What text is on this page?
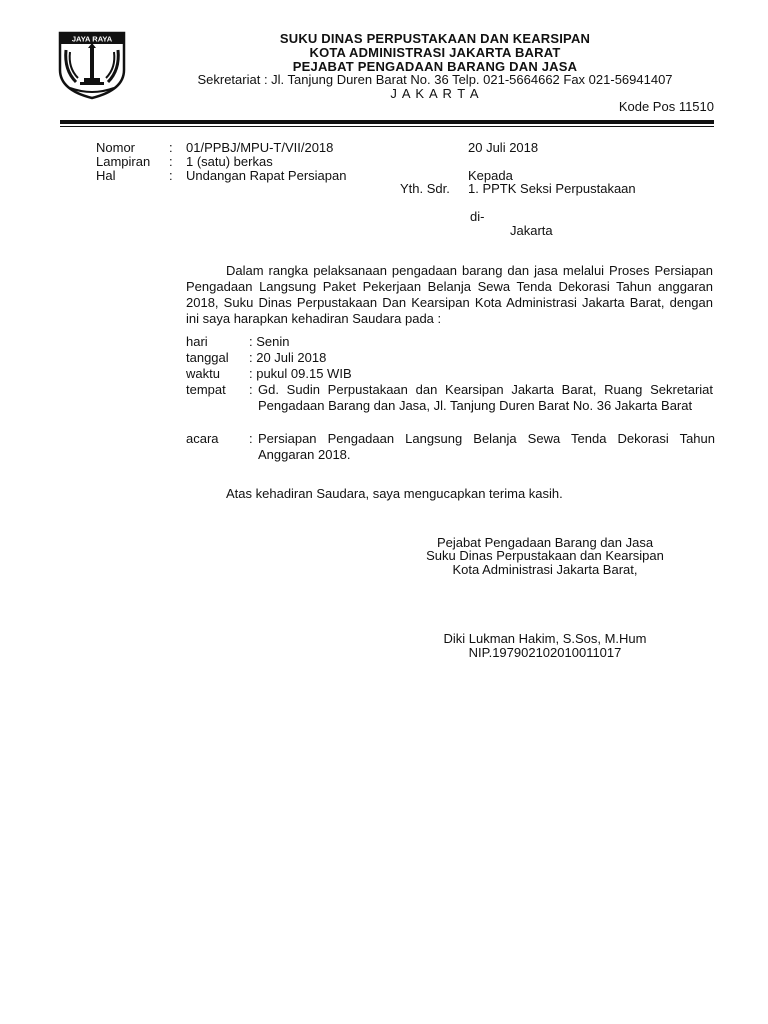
JAYA RAYA	SUKU DINAS PERPUSTAKAAN DAN KEARSIPAN
KOTA ADMINISTRASI JAKARTA BARAT
PEJABAT PENGADAAN BARANG DAN JASA
Sekretariat : Jl. Tanjung Duren Barat No. 36 Telp. 021-5664662 Fax 021-56941407
J A K A R T A
Kode Pos 11510
Nomor	: 01/PPBJ/MPU-T/VII/2018
Lampiran : 1 (satu) berkas
Hal	: Undangan Rapat Persiapan
20 Juli 2018
Kepada
Yth. Sdr. 1. PPTK Seksi Perpustakaan
di-
Jakarta
Dalam rangka pelaksanaan pengadaan barang dan jasa melalui Proses Persiapan Pengadaan Langsung Paket Pekerjaan Belanja Sewa Tenda Dekorasi Tahun anggaran 2018, Suku Dinas Perpustakaan Dan Kearsipan Kota Administrasi Jakarta Barat, dengan ini saya harapkan kehadiran Saudara pada :
hari	: Senin
tanggal : 20 Juli 2018
waktu : pukul 09.15 WIB
tempat : Gd. Sudin Perpustakaan dan Kearsipan Jakarta Barat, Ruang Sekretariat Pengadaan Barang dan Jasa, Jl. Tanjung Duren Barat No. 36 Jakarta Barat
acara : Persiapan Pengadaan Langsung Belanja Sewa Tenda Dekorasi Tahun Anggaran 2018.
Atas kehadiran Saudara, saya mengucapkan terima kasih.
Pejabat Pengadaan Barang dan Jasa
Suku Dinas Perpustakaan dan Kearsipan
Kota Administrasi Jakarta Barat,
Diki Lukman Hakim, S.Sos, M.Hum
NIP.197902102010011017
